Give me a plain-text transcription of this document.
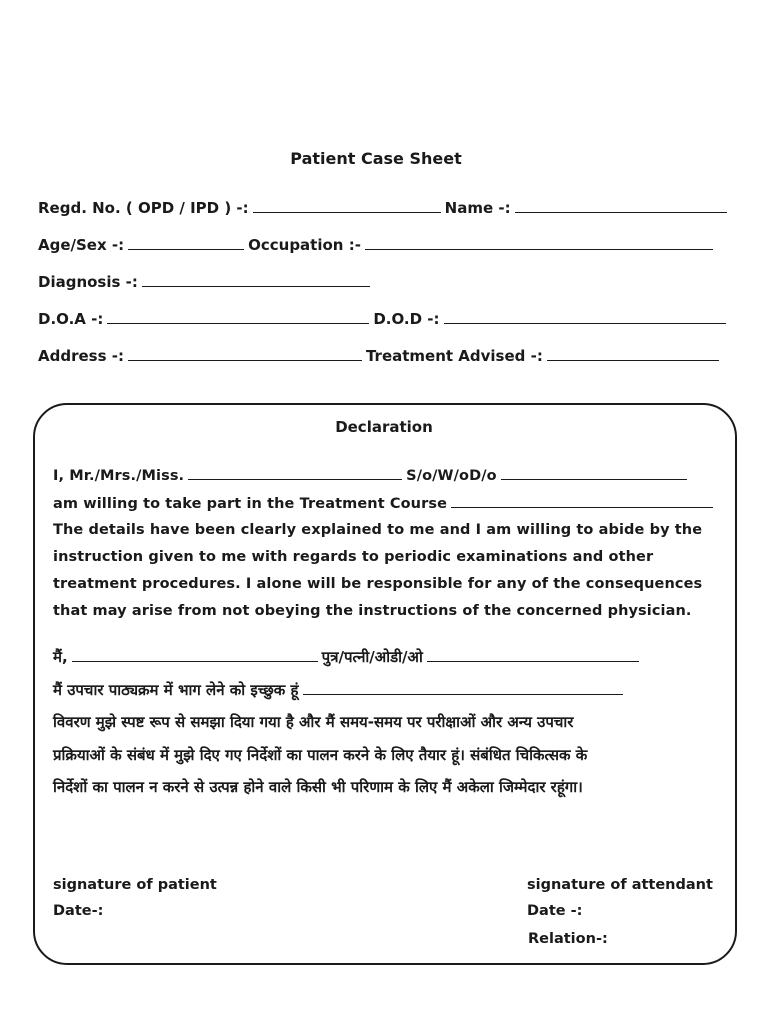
Patient Case Sheet
Regd. No. ( OPD / IPD ) -:	Name -:
Age/Sex -:	Occupation :-
Diagnosis -:
D.O.A -:	D.O.D -:
Address -:	Treatment Advised -:
Declaration
I, Mr./Mrs./Miss.	S/o/W/oD/o
am willing to take part in the Treatment Course
The details have been clearly explained to me and I am willing to abide by the
instruction given to me with regards to periodic examinations and other
treatment procedures. I alone will be responsible for any of the consequences
that may arise from not obeying the instructions of the concerned physician.
मैं,	पुत्र/पत्नी/ओडी/ओ
मैं उपचार पाठ्यक्रम में भाग लेने को इच्छुक हूं
विवरण मुझे स्पष्ट रूप से समझा दिया गया है और मैं समय-समय पर परीक्षाओं और अन्य उपचार
प्रक्रियाओं के संबंध में मुझे दिए गए निर्देशों का पालन करने के लिए तैयार हूं। संबंधित चिकित्सक के
निर्देशों का पालन न करने से उत्पन्न होने वाले किसी भी परिणाम के लिए मैं अकेला जिम्मेदार रहूंगा।
signature of patient
Date-:
signature of attendant
Date -:
Relation-:
